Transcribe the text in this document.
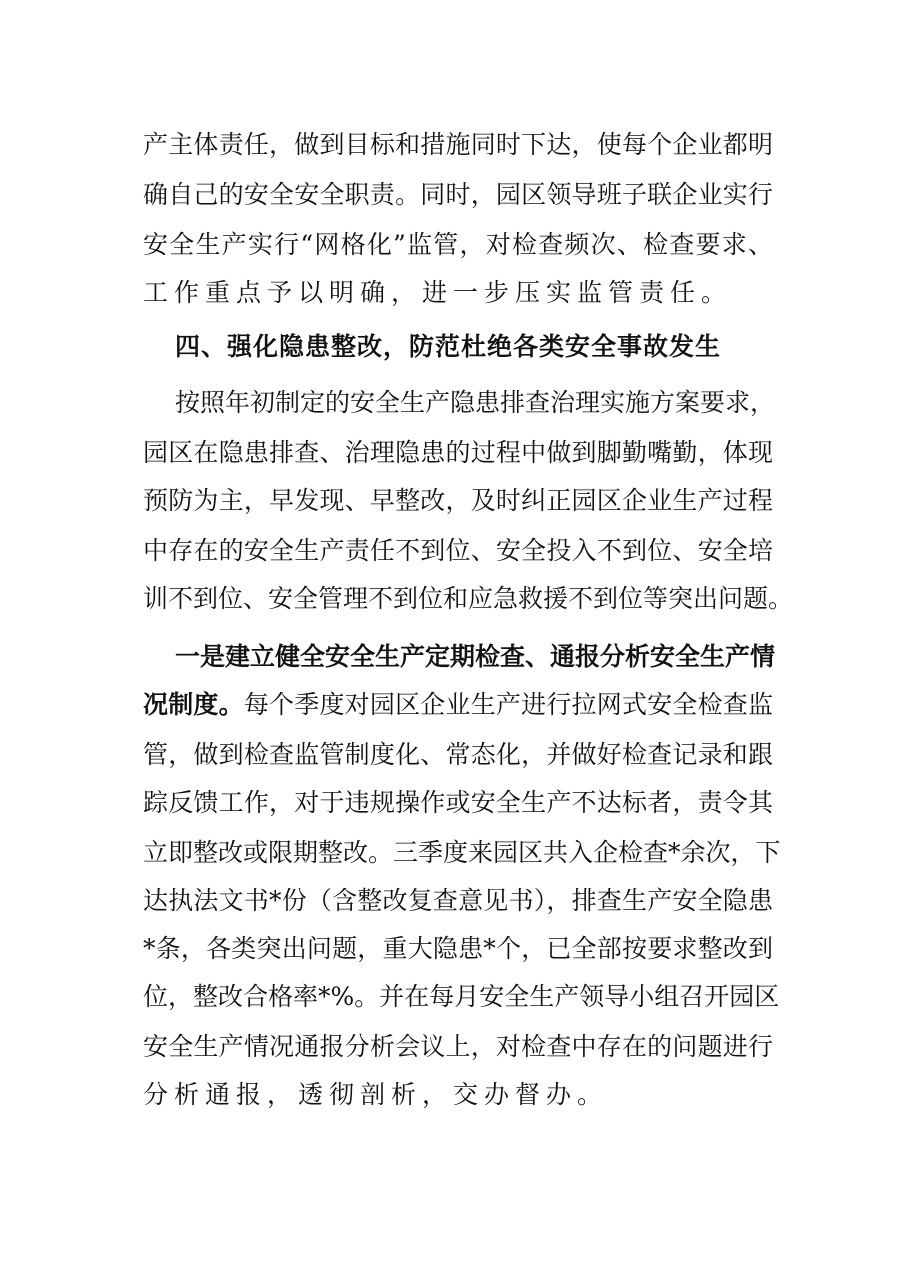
产主体责任，做到目标和措施同时下达，使每个企业都明
确自己的安全安全职责。同时，园区领导班子联企业实行
安全生产实行“网格化”监管，对检查频次、检查要求、
工作重点予以明确，进一步压实监管责任。
四、强化隐患整改，防范杜绝各类安全事故发生
按照年初制定的安全生产隐患排查治理实施方案要求，
园区在隐患排查、治理隐患的过程中做到脚勤嘴勤，体现
预防为主，早发现、早整改，及时纠正园区企业生产过程
中存在的安全生产责任不到位、安全投入不到位、安全培
训不到位、安全管理不到位和应急救援不到位等突出问题。
一是建立健全安全生产定期检查、通报分析安全生产情
况制度。每个季度对园区企业生产进行拉网式安全检查监
管，做到检查监管制度化、常态化，并做好检查记录和跟
踪反馈工作，对于违规操作或安全生产不达标者，责令其
立即整改或限期整改。三季度来园区共入企检查*余次，下
达执法文书*份（含整改复查意见书），排查生产安全隐患
*条，各类突出问题，重大隐患*个，已全部按要求整改到
位，整改合格率*%。并在每月安全生产领导小组召开园区
安全生产情况通报分析会议上，对检查中存在的问题进行
分析通报，透彻剖析，交办督办。
